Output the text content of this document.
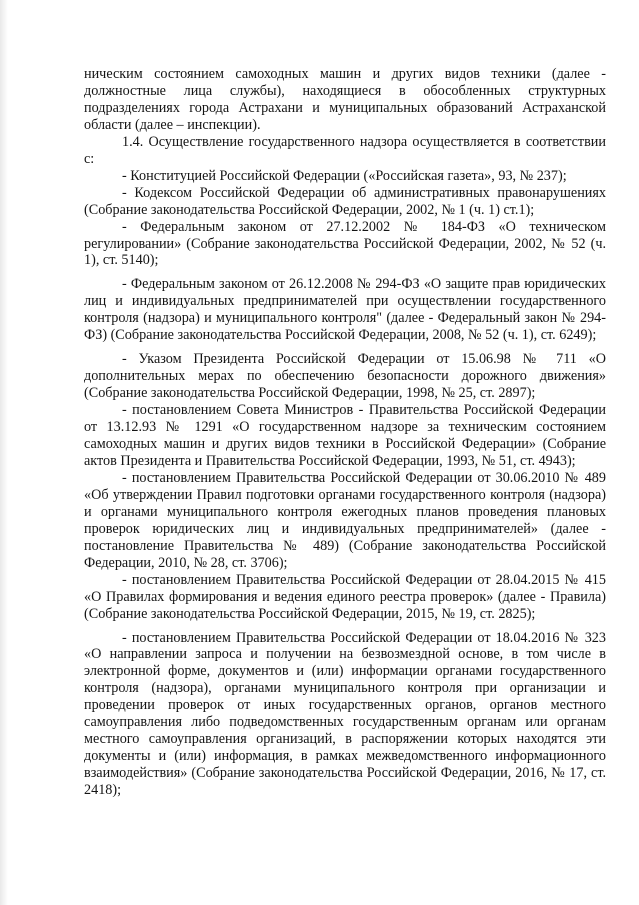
ническим состоянием самоходных машин и других видов техники (далее - должностные лица службы), находящиеся в обособленных структурных подразделениях города Астрахани и муниципальных образований Астраханской области (далее – инспекции).

1.4. Осуществление государственного надзора осуществляется в соответствии с:

- Конституцией Российской Федерации («Российская газета», 93, № 237);

- Кодексом Российской Федерации об административных правонарушениях (Собрание законодательства Российской Федерации, 2002, № 1 (ч. 1) ст.1);

- Федеральным законом от 27.12.2002 № 184-ФЗ «О техническом регулировании» (Собрание законодательства Российской Федерации, 2002, № 52 (ч. 1), ст. 5140);

- Федеральным законом от 26.12.2008 № 294-ФЗ «О защите прав юридических лиц и индивидуальных предпринимателей при осуществлении государственного контроля (надзора) и муниципального контроля" (далее - Федеральный закон № 294-ФЗ) (Собрание законодательства Российской Федерации, 2008, № 52 (ч. 1), ст. 6249);

- Указом Президента Российской Федерации от 15.06.98 № 711 «О дополнительных мерах по обеспечению безопасности дорожного движения» (Собрание законодательства Российской Федерации, 1998, № 25, ст. 2897);

- постановлением Совета Министров - Правительства Российской Федерации от 13.12.93 № 1291 «О государственном надзоре за техническим состоянием самоходных машин и других видов техники в Российской Федерации» (Собрание актов Президента и Правительства Российской Федерации, 1993, № 51, ст. 4943);

- постановлением Правительства Российской Федерации от 30.06.2010 № 489 «Об утверждении Правил подготовки органами государственного контроля (надзора) и органами муниципального контроля ежегодных планов проведения плановых проверок юридических лиц и индивидуальных предпринимателей» (далее - постановление Правительства № 489) (Собрание законодательства Российской Федерации, 2010, № 28, ст. 3706);

- постановлением Правительства Российской Федерации от 28.04.2015 № 415 «О Правилах формирования и ведения единого реестра проверок» (далее - Правила) (Собрание законодательства Российской Федерации, 2015, № 19, ст. 2825);

- постановлением Правительства Российской Федерации от 18.04.2016 № 323 «О направлении запроса и получении на безвозмездной основе, в том числе в электронной форме, документов и (или) информации органами государственного контроля (надзора), органами муниципального контроля при организации и проведении проверок от иных государственных органов, органов местного самоуправления либо подведомственных государственным органам или органам местного самоуправления организаций, в распоряжении которых находятся эти документы и (или) информация, в рамках межведомственного информационного взаимодействия» (Собрание законодательства Российской Федерации, 2016, № 17, ст. 2418);
